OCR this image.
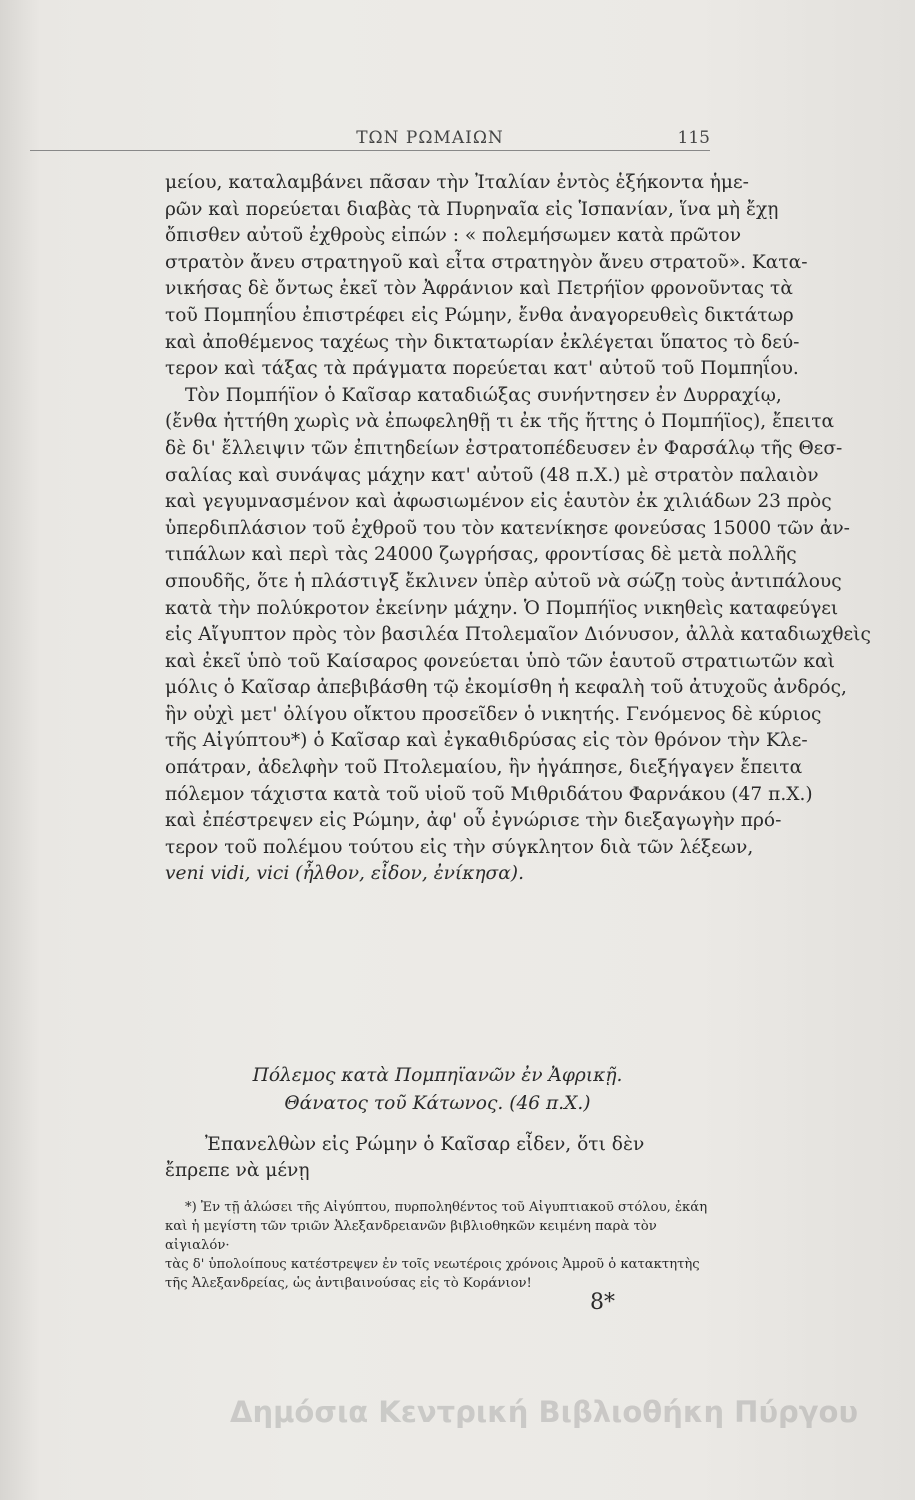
ΤΩΝ ΡΩΜΑΙΩΝ	115
μείου, καταλαμβάνει πᾶσαν τὴν Ἰταλίαν ἐντὸς ἑξήκοντα ἡμε-
ρῶν καὶ πορεύεται διαβὰς τὰ Πυρηναῖα εἰς Ἱσπανίαν, ἵνα μὴ ἔχῃ
ὄπισθεν αὐτοῦ ἐχθροὺς εἰπών : « πολεμήσωμεν κατὰ πρῶτον
στρατὸν ἄνευ στρατηγοῦ καὶ εἶτα στρατηγὸν ἄνευ στρατοῦ». Κατα-
νικήσας δὲ ὄντως ἐκεῖ τὸν Ἀφράνιον καὶ Πετρήϊον φρονοῦντας τὰ
τοῦ Πομπηΐου ἐπιστρέφει εἰς Ρώμην, ἔνθα ἀναγορευθεὶς δικτάτωρ
καὶ ἀποθέμενος ταχέως τὴν δικτατωρίαν ἐκλέγεται ὕπατος τὸ δεύ-
τερον καὶ τάξας τὰ πράγματα πορεύεται κατ' αὐτοῦ τοῦ Πομπηΐου.
Τὸν Πομπήϊον ὁ Καῖσαρ καταδιώξας συνήντησεν ἐν Δυρραχίῳ,
(ἔνθα ἡττήθη χωρὶς νὰ ἐπωφεληθῇ τι ἐκ τῆς ἥττης ὁ Πομπήϊος), ἔπειτα
δὲ δι' ἔλλειψιν τῶν ἐπιτηδείων ἐστρατοπέδευσεν ἐν Φαρσάλῳ τῆς Θεσ-
σαλίας καὶ συνάψας μάχην κατ' αὐτοῦ (48 π.Χ.) μὲ στρατὸν παλαιὸν
καὶ γεγυμνασμένον καὶ ἀφωσιωμένον εἰς ἑαυτὸν ἐκ χιλιάδων 23 πρὸς
ὑπερδιπλάσιον τοῦ ἐχθροῦ του τὸν κατενίκησε φονεύσας 15000 τῶν ἀν-
τιπάλων καὶ περὶ τὰς 24000 ζωγρήσας, φροντίσας δὲ μετὰ πολλῆς
σπουδῆς, ὅτε ἡ πλάστιγξ ἔκλινεν ὑπὲρ αὐτοῦ νὰ σώζῃ τοὺς ἀντιπάλους
κατὰ τὴν πολύκροτον ἐκείνην μάχην. Ὁ Πομπήϊος νικηθεὶς καταφεύγει
εἰς Αἴγυπτον πρὸς τὸν βασιλέα Πτολεμαῖον Διόνυσον, ἀλλὰ καταδιωχθεὶς
καὶ ἐκεῖ ὑπὸ τοῦ Καίσαρος φονεύεται ὑπὸ τῶν ἑαυτοῦ στρατιωτῶν καὶ
μόλις ὁ Καῖσαρ ἀπεβιβάσθη τῷ ἐκομίσθη ἡ κεφαλὴ τοῦ ἀτυχοῦς ἀνδρός,
ἣν οὐχὶ μετ' ὀλίγου οἴκτου προσεῖδεν ὁ νικητής. Γενόμενος δὲ κύριος
τῆς Αἰγύπτου*) ὁ Καῖσαρ καὶ ἐγκαθιδρύσας εἰς τὸν θρόνον τὴν Κλε-
οπάτραν, ἀδελφὴν τοῦ Πτολεμαίου, ἣν ἠγάπησε, διεξήγαγεν ἔπειτα
πόλεμον τάχιστα κατὰ τοῦ υἱοῦ τοῦ Μιθριδάτου Φαρνάκου (47 π.Χ.)
καὶ ἐπέστρεψεν εἰς Ρώμην, ἀφ' οὗ ἐγνώρισε τὴν διεξαγωγὴν πρό-
τερον τοῦ πολέμου τούτου εἰς τὴν σύγκλητον διὰ τῶν λέξεων,
veni vidi, vici (ἦλθον, εἶδον, ἐνίκησα).
Πόλεμος κατὰ Πομπηϊανῶν ἐν Ἀφρικῇ.
Θάνατος τοῦ Κάτωνος. (46 π.Χ.)
Ἐπανελθὼν εἰς Ρώμην ὁ Καῖσαρ εἶδεν, ὅτι δὲν ἔπρεπε νὰ μένῃ
*) Ἐν τῇ ἁλώσει τῆς Αἰγύπτου, πυρποληθέντος τοῦ Αἰγυπτιακοῦ στόλου, ἐκάη
καὶ ἡ μεγίστη τῶν τριῶν Ἀλεξανδρειανῶν βιβλιοθηκῶν κειμένη παρὰ τὸν αἰγιαλόν·
τὰς δ' ὑπολοίπους κατέστρεψεν ἐν τοῖς νεωτέροις χρόνοις Ἀμροῦ ὁ κατακτητὴς
τῆς Ἀλεξανδρείας, ὡς ἀντιβαινούσας εἰς τὸ Κοράνιον!
8*
Δημόσια Κεντρική Βιβλιοθήκη Πύργου
